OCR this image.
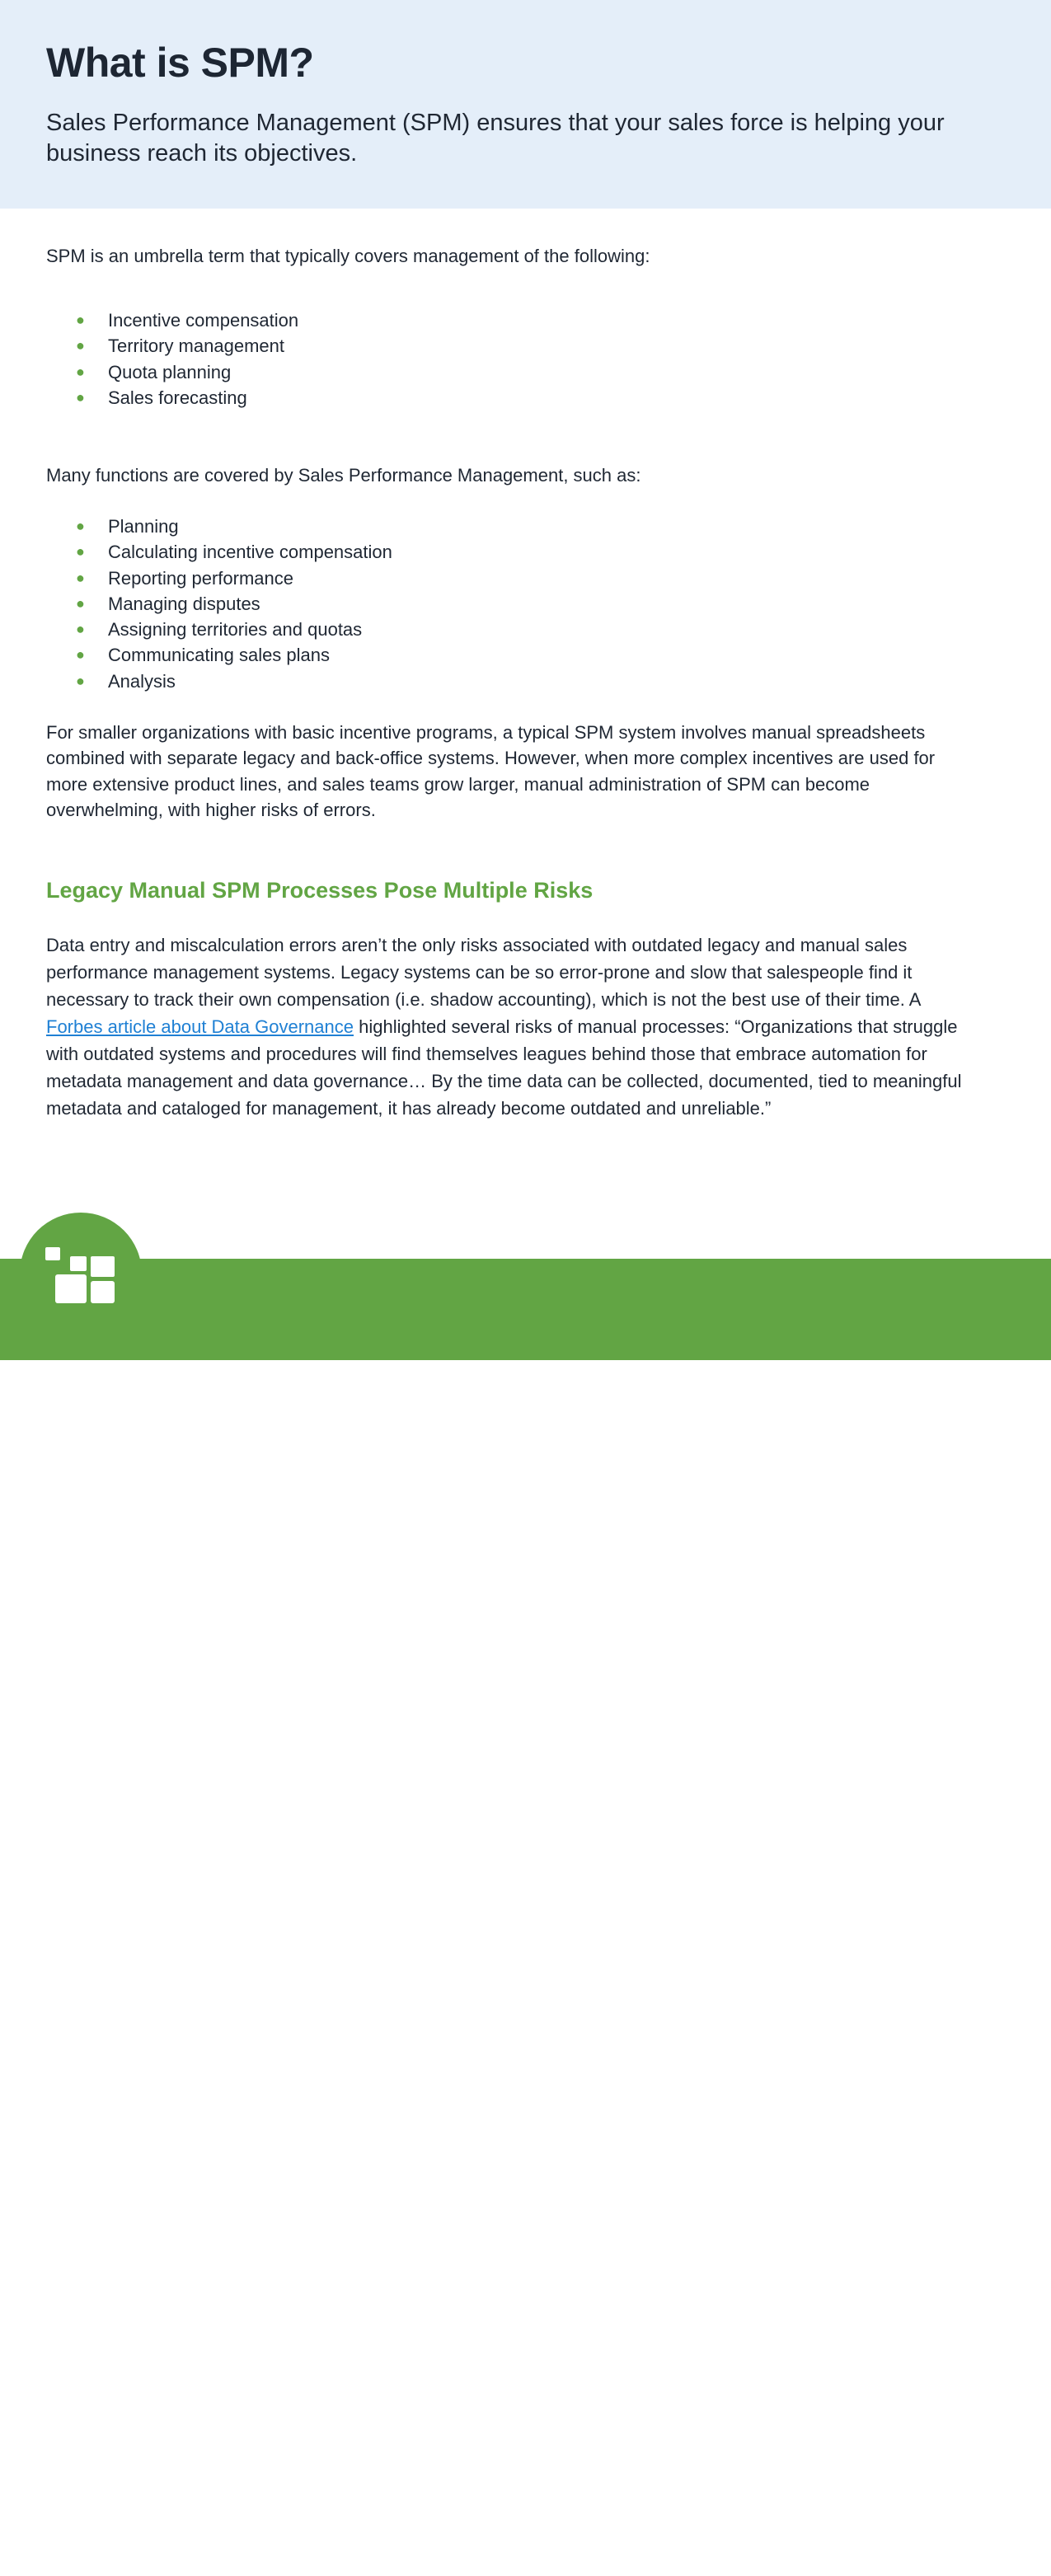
What is SPM?

Sales Performance Management (SPM) ensures that your sales force is helping your business reach its objectives.

SPM is an umbrella term that typically covers management of the following:

● Incentive compensation
● Territory management
● Quota planning
● Sales forecasting

Many functions are covered by Sales Performance Management, such as:

● Planning
● Calculating incentive compensation
● Reporting performance
● Managing disputes
● Assigning territories and quotas
● Communicating sales plans
● Analysis

For smaller organizations with basic incentive programs, a typical SPM system involves manual spreadsheets combined with separate legacy and back-office systems. However, when more complex incentives are used for more extensive product lines, and sales teams grow larger, manual administration of SPM can become overwhelming, with higher risks of errors.

Legacy Manual SPM Processes Pose Multiple Risks

Data entry and miscalculation errors aren’t the only risks associated with outdated legacy and manual sales performance management systems. Legacy systems can be so error-prone and slow that salespeople find it necessary to track their own compensation (i.e. shadow accounting), which is not the best use of their time. A Forbes article about Data Governance highlighted several risks of manual processes: “Organizations that struggle with outdated systems and procedures will find themselves leagues behind those that embrace automation for metadata management and data governance… By the time data can be collected, documented, tied to meaningful metadata and cataloged for management, it has already become outdated and unreliable.”

2
